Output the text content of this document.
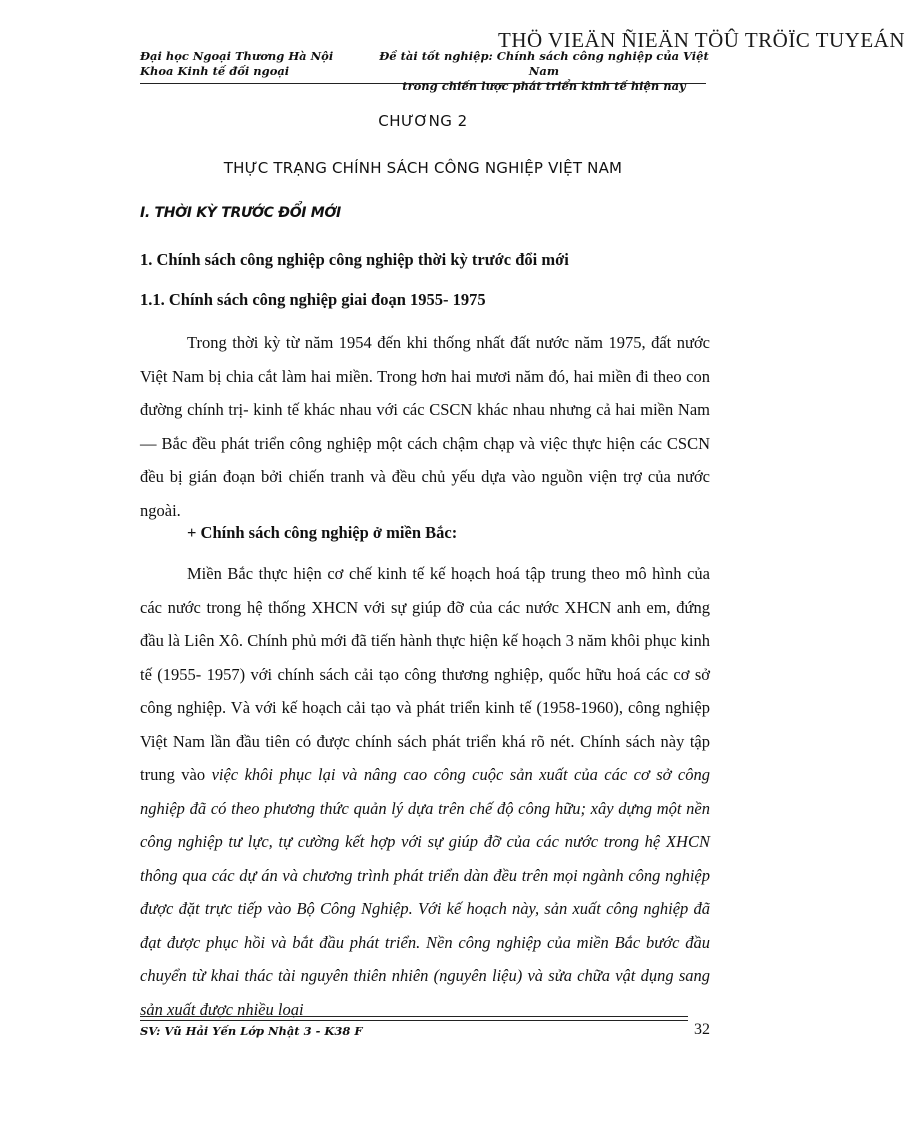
THÖ VIEÄN ÑIEÄN TÖÛ TRÖÏC TUYEÁN
Đại học Ngoại Thương Hà Nội
Khoa Kinh tế đối ngoại
Đề tài tốt nghiệp: Chính sách công nghiệp của Việt Nam
trong chiến lược phát triển kinh tế hiện nay
CHƯƠNG 2
THỰC TRẠNG CHÍNH SÁCH CÔNG NGHIỆP VIỆT NAM
I. THỜI KỲ TRƯỚC ĐỔI MỚI
1. Chính sách công nghiệp công nghiệp thời kỳ trước đổi mới
1.1. Chính sách công nghiệp giai đoạn 1955- 1975

Trong thời kỳ từ năm 1954 đến khi thống nhất đất nước năm 1975, đất nước Việt Nam bị chia cắt làm hai miền. Trong hơn hai mươi năm đó, hai miền đi theo con đường chính trị- kinh tế khác nhau với các CSCN khác nhau nhưng cả hai miền Nam — Bắc đều phát triển công nghiệp một cách chậm chạp và việc thực hiện các CSCN đều bị gián đoạn bởi chiến tranh và đều chủ yếu dựa vào nguồn viện trợ của nước ngoài.

+ Chính sách công nghiệp ở miền Bắc:

Miền Bắc thực hiện cơ chế kinh tế kế hoạch hoá tập trung theo mô hình của các nước trong hệ thống XHCN với sự giúp đỡ của các nước XHCN anh em, đứng đầu là Liên Xô. Chính phủ mới đã tiến hành thực hiện kế hoạch 3 năm khôi phục kinh tế (1955- 1957) với chính sách cải tạo công thương nghiệp, quốc hữu hoá các cơ sở công nghiệp. Và với kế hoạch cải tạo và phát triển kinh tế (1958-1960), công nghiệp Việt Nam lần đầu tiên có được chính sách phát triển khá rõ nét. Chính sách này tập trung vào việc khôi phục lại và nâng cao công cuộc sản xuất của các cơ sở công nghiệp đã có theo phương thức quản lý dựa trên chế độ công hữu; xây dựng một nền công nghiệp tư lực, tự cường kết hợp với sự giúp đỡ của các nước trong hệ XHCN thông qua các dự án và chương trình phát triển dàn đều trên mọi ngành công nghiệp được đặt trực tiếp vào Bộ Công Nghiệp. Với kế hoạch này, sản xuất công nghiệp đã đạt được phục hồi và bắt đầu phát triển. Nền công nghiệp của miền Bắc bước đầu chuyển từ khai thác tài nguyên thiên nhiên (nguyên liệu) và sửa chữa vật dụng sang sản xuất được nhiều loại

SV: Vũ Hải Yến Lớp Nhật 3 - K38 F	32
